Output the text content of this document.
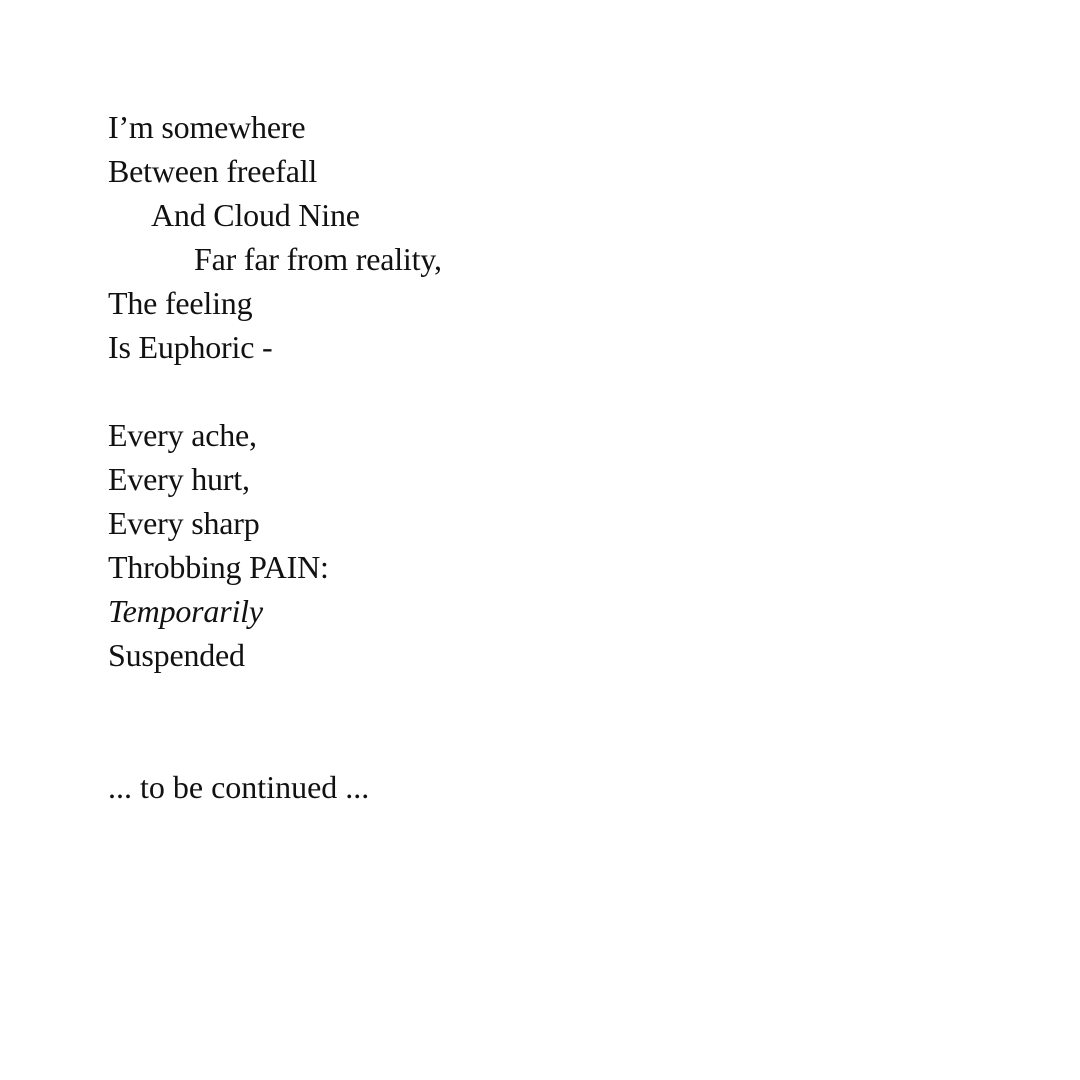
I’m somewhere
Between freefall
And Cloud Nine
Far far from reality,
The feeling
Is Euphoric -
Every ache,
Every hurt,
Every sharp
Throbbing PAIN:
Temporarily
Suspended
... to be continued ...
